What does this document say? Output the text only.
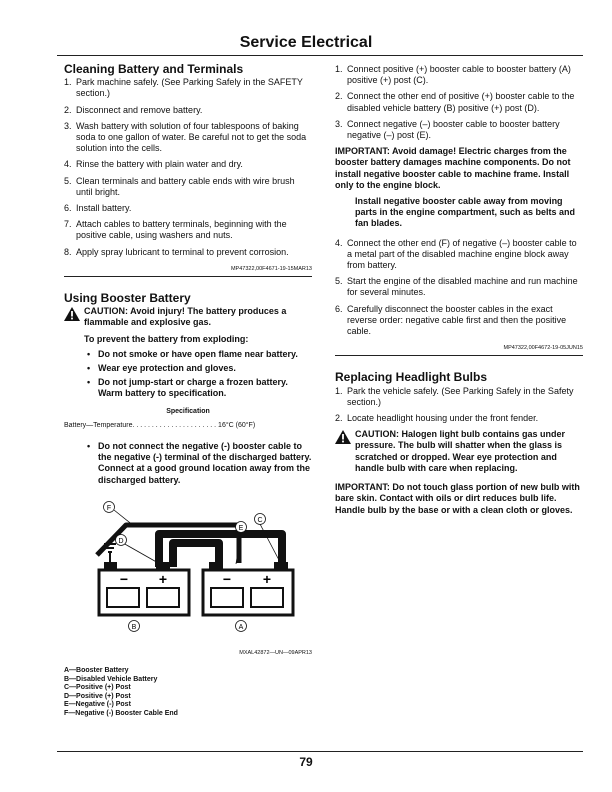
Service Electrical
Cleaning Battery and Terminals
1. Park machine safely. (See Parking Safely in the SAFETY section.)
2. Disconnect and remove battery.
3. Wash battery with solution of four tablespoons of baking soda to one gallon of water. Be careful not to get the soda solution into the cells.
4. Rinse the battery with plain water and dry.
5. Clean terminals and battery cable ends with wire brush until bright.
6. Install battery.
7. Attach cables to battery terminals, beginning with the positive cable, using washers and nuts.
8. Apply spray lubricant to terminal to prevent corrosion.
MP47322,00F4671-19-15MAR13
Using Booster Battery
CAUTION: Avoid injury! The battery produces a flammable and explosive gas.
To prevent the battery from exploding:
• Do not smoke or have open flame near battery.
• Wear eye protection and gloves.
• Do not jump-start or charge a frozen battery. Warm battery to specification.
Specification
Battery—Temperature. . . . . . . . . . . . . . . . . . . . . . 16°C (60°F)
• Do not connect the negative (-) booster cable to the negative (-) terminal of the discharged battery. Connect at a good ground location away from the discharged battery.
− +	− +
F
D
E
C
B	A
MXAL42872—UN—09APR13
A—Booster Battery
B—Disabled Vehicle Battery
C—Positive (+) Post
D—Positive (+) Post
E—Negative (-) Post
F—Negative (-) Booster Cable End
1. Connect positive (+) booster cable to booster battery (A) positive (+) post (C).
2. Connect the other end of positive (+) booster cable to the disabled vehicle battery (B) positive (+) post (D).
3. Connect negative (–) booster cable to booster battery negative (–) post (E).
IMPORTANT: Avoid damage! Electric charges from the booster battery damages machine components. Do not install negative booster cable to machine frame. Install only to the engine block.
Install negative booster cable away from moving parts in the engine compartment, such as belts and fan blades.
4. Connect the other end (F) of negative (–) booster cable to a metal part of the disabled machine engine block away from battery.
5. Start the engine of the disabled machine and run machine for several minutes.
6. Carefully disconnect the booster cables in the exact reverse order: negative cable first and then the positive cable.
MP47322,00F4672-19-05JUN15
Replacing Headlight Bulbs
1. Park the vehicle safely. (See Parking Safely in the Safety section.)
2. Locate headlight housing under the front fender.
CAUTION: Halogen light bulb contains gas under pressure. The bulb will shatter when the glass is scratched or dropped. Wear eye protection and handle bulb with care when replacing.
IMPORTANT: Do not touch glass portion of new bulb with bare skin. Contact with oils or dirt reduces bulb life. Handle bulb by the base or with a clean cloth or gloves.
79
